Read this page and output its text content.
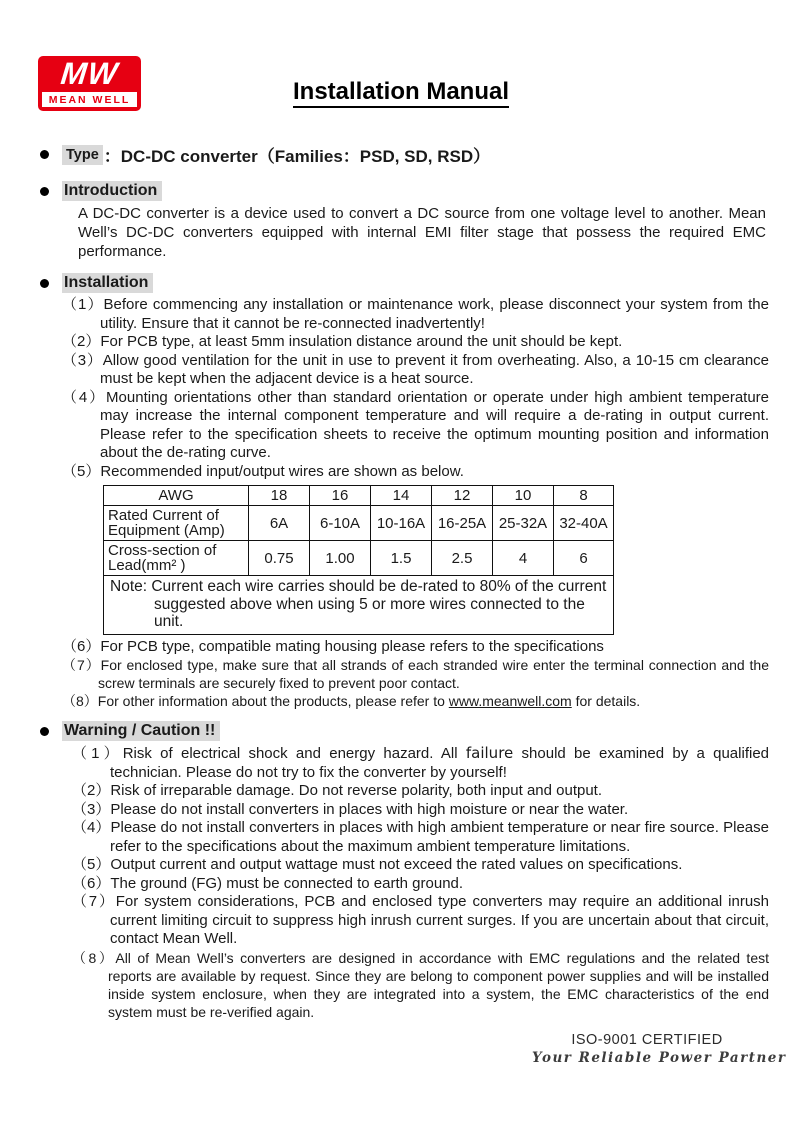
MW
MEAN WELL	Installation Manual
Type ：DC-DC converter（Families：PSD, SD, RSD）
Introduction

A DC-DC converter is a device used to convert a DC source from one voltage level to another. Mean Well’s DC-DC converters equipped with internal EMI filter stage that possess the required EMC performance.

Installation
（1）Before commencing any installation or maintenance work, please disconnect your system from the utility. Ensure that it cannot be re-connected inadvertently!
（2）For PCB type, at least 5mm insulation distance around the unit should be kept.
（3）Allow good ventilation for the unit in use to prevent it from overheating. Also, a 10-15 cm clearance must be kept when the adjacent device is a heat source.
（4）Mounting orientations other than standard orientation or operate under high ambient temperature may increase the internal component temperature and will require a de-rating in output current. Please refer to the specification sheets to receive the optimum mounting position and information about the de-rating curve.
（5）Recommended input/output wires are shown as below.
AWG	18	16	14	12	10	8

Rated Current of
Equipment (Amp)	6A	6-10A	10-16A	16-25A	25-32A	32-40A

Cross-section of
Lead(mm² )	0.75	1.00	1.5	2.5	4	6

Note: Current each wire carries should be de-rated to 80% of the current
suggested above when using 5 or more wires connected to the unit.						
（6）For PCB type, compatible mating housing please refers to the specifications
（7）For enclosed type, make sure that all strands of each stranded wire enter the terminal connection and the screw terminals are securely fixed to prevent poor contact.
（8）For other information about the products, please refer to www.meanwell.com for details.
Warning / Caution !!
（1）Risk of electrical shock and energy hazard. All failure should be examined by a qualified technician. Please do not try to fix the converter by yourself!
（2）Risk of irreparable damage. Do not reverse polarity, both input and output.
（3）Please do not install converters in places with high moisture or near the water.
（4）Please do not install converters in places with high ambient temperature or near fire source. Please refer to the specifications about the maximum ambient temperature limitations.
（5）Output current and output wattage must not exceed the rated values on specifications.
（6）The ground (FG) must be connected to earth ground.
（7）For system considerations, PCB and enclosed type converters may require an additional inrush current limiting circuit to suppress high inrush current surges. If you are uncertain about that circuit, contact Mean Well.
（8）All of Mean Well’s converters are designed in accordance with EMC regulations and the related test reports are available by request. Since they are belong to component power supplies and will be installed inside system enclosure, when they are integrated into a system, the EMC characteristics of the end system must be re-verified again.
ISO-9001 CERTIFIED
Your Reliable Power Partner
